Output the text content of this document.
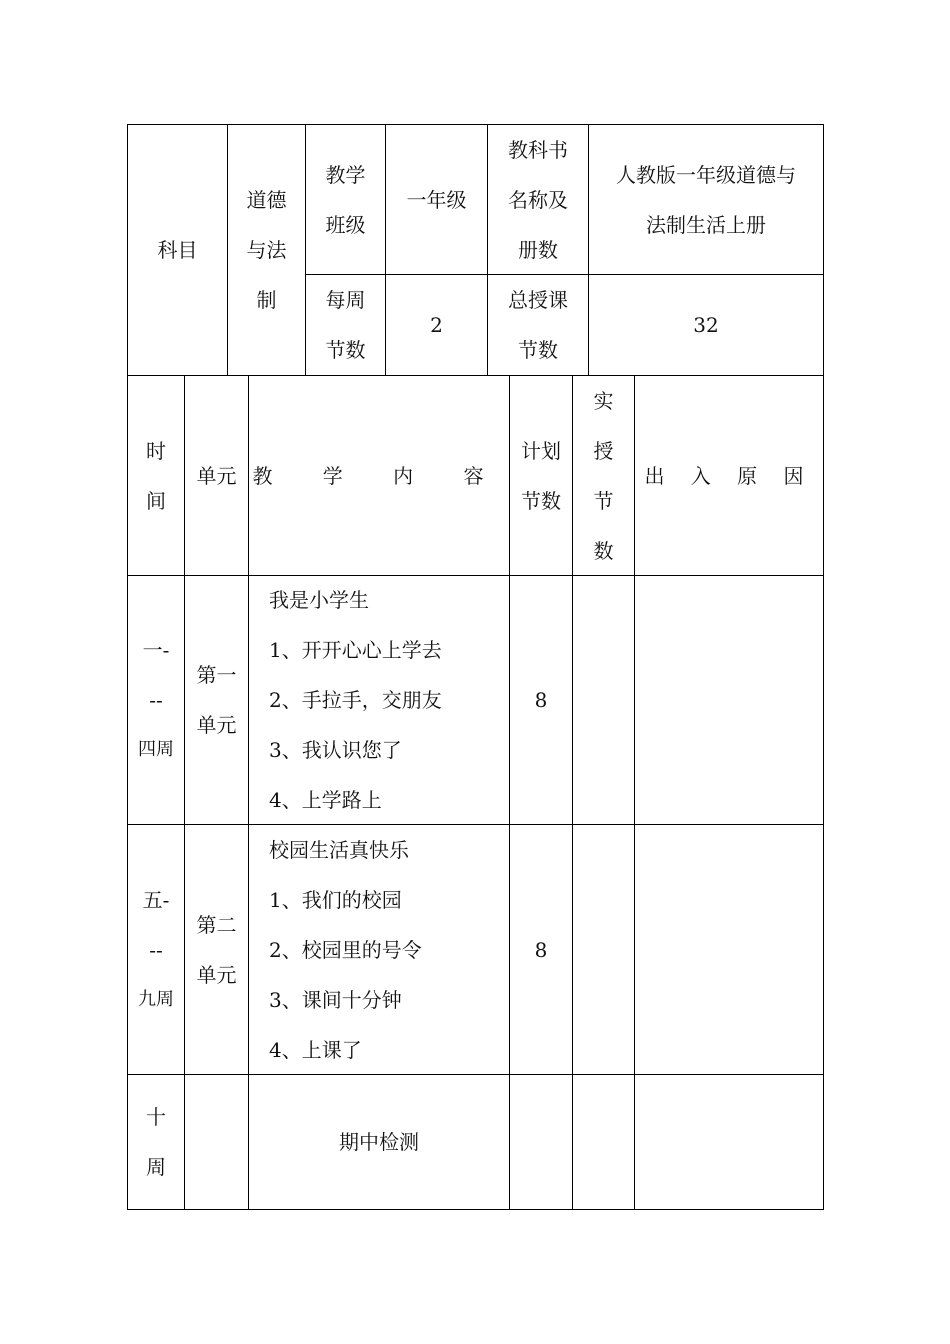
科目
道德
与法
制
教学
班级
一年级
教科书
名称及
册数
人教版一年级道德与
法制生活上册
每周
节数
2
总授课
节数
32
时
间
单元 教 学 内 容
计划
节数
实
授
节
数
出 入 原 因
一-
--
四周
第一
单元
我是小学生
1、开开心心上学去
2、手拉手，交朋友
3、我认识您了
4、上学路上
8
五-
--
九周
第二
单元
校园生活真快乐
1、我们的校园
2、校园里的号令
3、课间十分钟
4、上课了
8
十
周
期中检测
